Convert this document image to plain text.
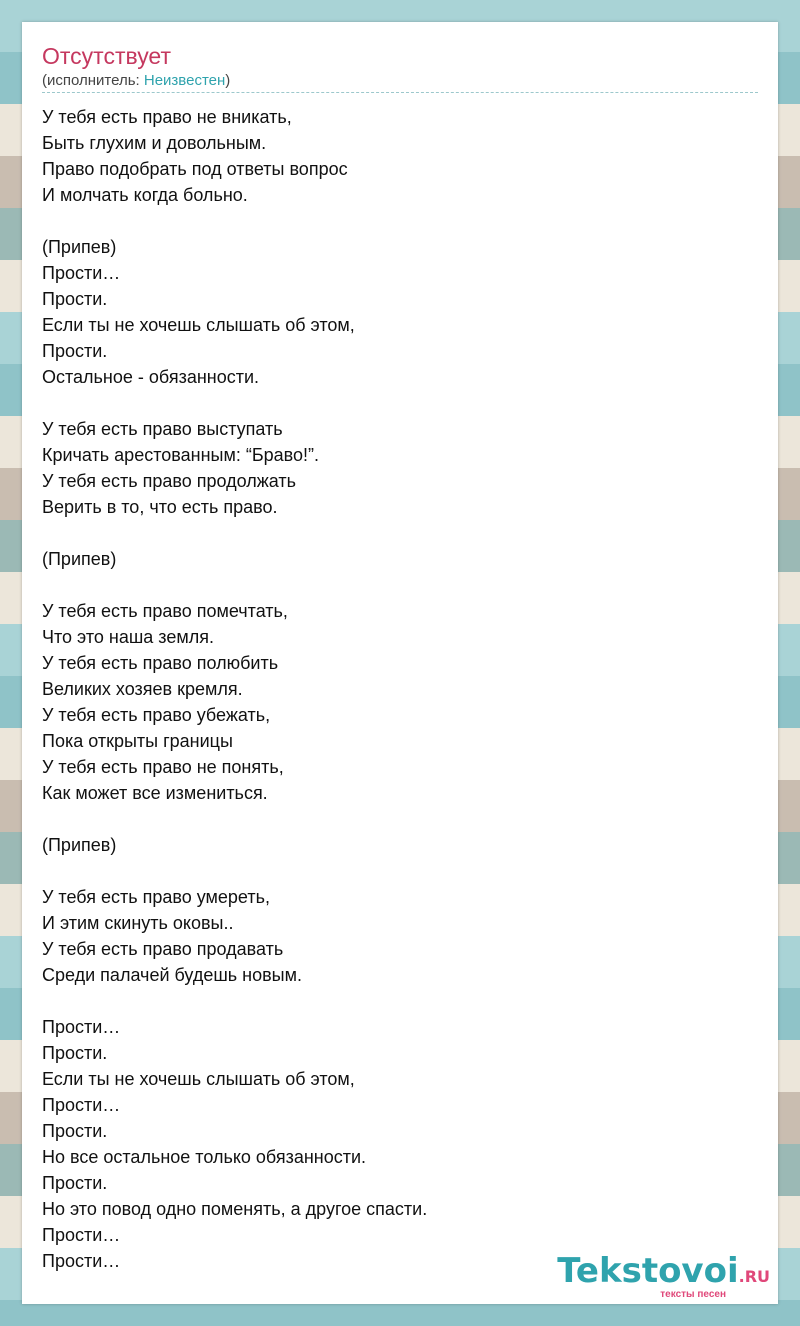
Отсутствует
(исполнитель: Неизвестен)
У тебя есть право не вникать,
Быть глухим и довольным.
Право подобрать под ответы вопрос
И молчать когда больно.
(Припев)
Прости…
Прости.
Если ты не хочешь слышать об этом,
Прости.
Остальное - обязанности.
У тебя есть право выступать
Кричать арестованным: “Браво!”.
У тебя есть право продолжать
Верить в то, что есть право.
(Припев)
У тебя есть право помечтать,
Что это наша земля.
У тебя есть право полюбить
Великих хозяев кремля.
У тебя есть право убежать,
Пока открыты границы
У тебя есть право не понять,
Как может все измениться.
(Припев)
У тебя есть право умереть,
И этим скинуть оковы..
У тебя есть право продавать
Среди палачей будешь новым.
Прости…
Прости.
Если ты не хочешь слышать об этом,
Прости…
Прости.
Но все остальное только обязанности.
Прости.
Но это повод одно поменять, а другое спасти.
Прости…
Прости…	Tekstovoi.RU
тексты песен
